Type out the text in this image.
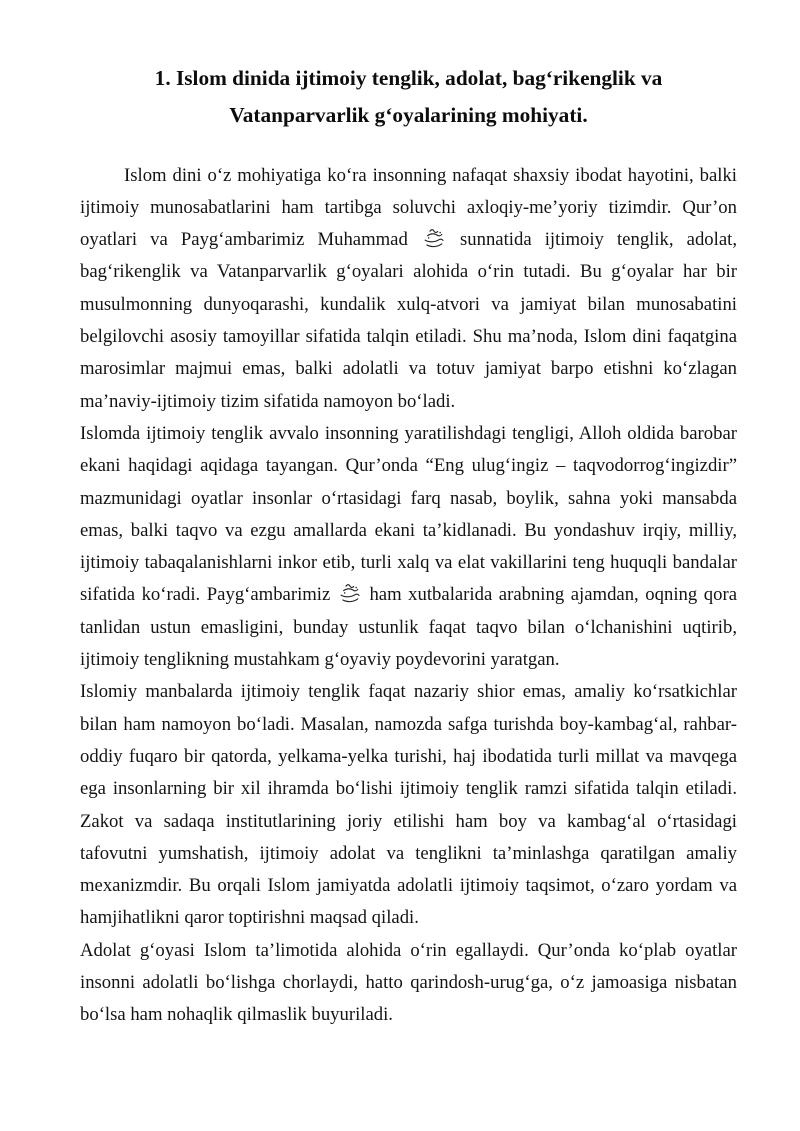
1. Islom dinida ijtimoiy tenglik, adolat, bag‘rikenglik va
Vatanparvarlik g‘oyalarining mohiyati.

Islom dini o‘z mohiyatiga ko‘ra insonning nafaqat shaxsiy ibodat hayotini, balki ijtimoiy munosabatlarini ham tartibga soluvchi axloqiy-me’yoriy tizimdir. Qur’on oyatlari va Payg‘ambarimiz Muhammad
sunnatida ijtimoiy tenglik, adolat, bag‘rikenglik va Vatanparvarlik g‘oyalari alohida o‘rin tutadi. Bu g‘oyalar har bir musulmonning dunyoqarashi, kundalik xulq-atvori va jamiyat bilan munosabatini belgilovchi asosiy tamoyillar sifatida talqin etiladi. Shu ma’noda, Islom dini faqatgina marosimlar majmui emas, balki adolatli va totuv jamiyat barpo etishni ko‘zlagan ma’naviy-ijtimoiy tizim sifatida namoyon bo‘ladi.

Islomda ijtimoiy tenglik avvalo insonning yaratilishdagi tengligi, Alloh oldida barobar ekani haqidagi aqidaga tayangan. Qur’onda “Eng ulug‘ingiz – taqvodorrog‘ingizdir” mazmunidagi oyatlar insonlar o‘rtasidagi farq nasab, boylik, sahna yoki mansabda emas, balki taqvo va ezgu amallarda ekani ta’kidlanadi. Bu yondashuv irqiy, milliy, ijtimoiy tabaqalanishlarni inkor etib, turli xalq va elat vakillarini teng huquqli bandalar sifatida ko‘radi. Payg‘ambarimiz
ham xutbalarida arabning ajamdan, oqning qora tanlidan ustun emasligini, bunday ustunlik faqat taqvo bilan o‘lchanishini uqtirib, ijtimoiy tenglikning mustahkam g‘oyaviy poydevorini yaratgan.

Islomiy manbalarda ijtimoiy tenglik faqat nazariy shior emas, amaliy ko‘rsatkichlar bilan ham namoyon bo‘ladi. Masalan, namozda safga turishda boy-kambag‘al, rahbar-oddiy fuqaro bir qatorda, yelkama-yelka turishi, haj ibodatida turli millat va mavqega ega insonlarning bir xil ihramda bo‘lishi ijtimoiy tenglik ramzi sifatida talqin etiladi. Zakot va sadaqa institutlarining joriy etilishi ham boy va kambag‘al o‘rtasidagi tafovutni yumshatish, ijtimoiy adolat va tenglikni ta’minlashga qaratilgan amaliy mexanizmdir. Bu orqali Islom jamiyatda adolatli ijtimoiy taqsimot, o‘zaro yordam va hamjihatlikni qaror toptirishni maqsad qiladi.

Adolat g‘oyasi Islom ta’limotida alohida o‘rin egallaydi. Qur’onda ko‘plab oyatlar insonni adolatli bo‘lishga chorlaydi, hatto qarindosh-urug‘ga, o‘z jamoasiga nisbatan bo‘lsa ham nohaqlik qilmaslik buyuriladi.
